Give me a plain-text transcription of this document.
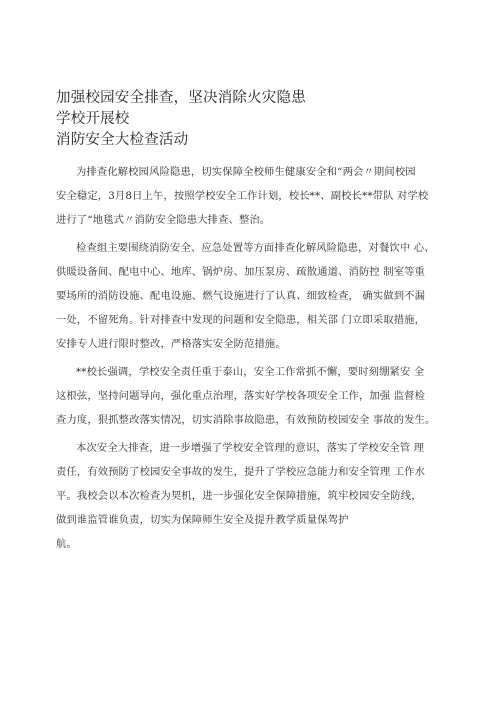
加强校园安全排查，坚决消除火灾隐患
学校开展校
消防安全大检查活动
为排查化解校园风险隐患，切实保障全校师生健康安全和“两会〃期间校园
安全稳定，3月8日上午，按照学校安全工作计划，校长**、副校长**带队 对学校
进行了“地毯式〃消防安全隐患大排查、整治。
检查组主要围绕消防安全、应急处置等方面排查化解风险隐患，对餐饮中 心、
供暖设备间、配电中心、地库、锅炉房、加压泵房、疏散通道、消防控 制室等重
要场所的消防设施、配电设施、燃气设施进行了认真、细致检查， 确实做到不漏
一处，不留死角。针对排查中发现的问题和安全隐患，相关部 门立即采取措施，
安排专人进行限时整改，严格落实安全防范措施。
**校长强调，学校安全责任重于泰山，安全工作常抓不懈，要时刻绷紧安 全
这根弦，坚持问题导向，强化重点治理，落实好学校各项安全工作，加强 监督检
查力度，狠抓整改落实情况，切实消除事故隐患，有效预防校园安全 事故的发生。
本次安全大排查，进一步增强了学校安全管理的意识，落实了学校安全管 理
责任，有效预防了校园安全事故的发生，提升了学校应急能力和安全管理 工作水
平。我校会以本次检查为契机，进一步强化安全保障措施，筑牢校园安全防线，
做到谁监管谁负责，切实为保障师生安全及提升教学质量保驾护
航。
